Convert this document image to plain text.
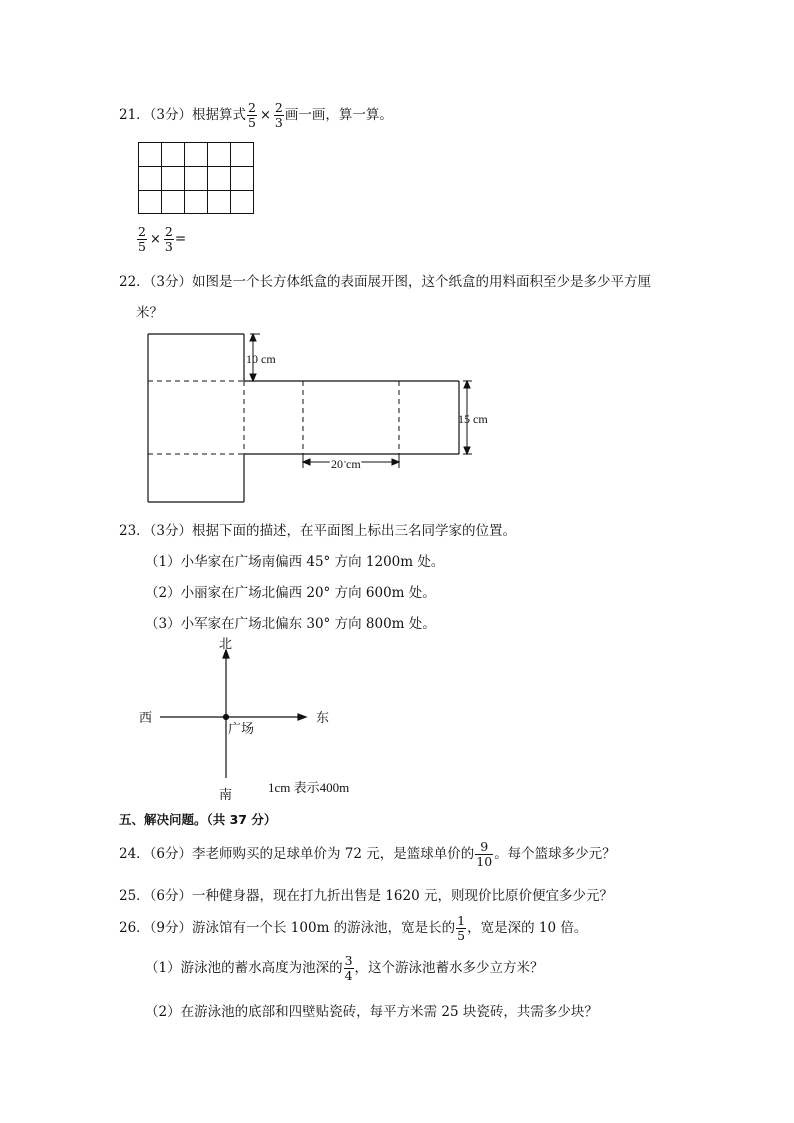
21．（3分）根据算式 $\frac{2}{5} \times \frac{2}{3}$ 画一画，算一算。
$\frac{2}{5} \times \frac{2}{3}$ =
22．（3分）如图是一个长方体纸盒的表面展开图，这个纸盒的用料面积至少是多少平方厘
米？
10 cm
15 cm
20 cm
23．（3分）根据下面的描述，在平面图上标出三名同学家的位置。
（1）小华家在广场南偏西 45° 方向 1200m 处。
（2）小丽家在广场北偏西 20° 方向 600m 处。
（3）小军家在广场北偏东 30° 方向 800m 处。
北
西	东
广场
南
1cm 表示400m
五、解决问题。（共 37 分）
24．（6分）李老师购买的足球单价为 72 元，是篮球单价的 $\frac{9}{10}$ 。每个篮球多少元？
25．（6分）一种健身器，现在打九折出售是 1620 元，则现价比原价便宜多少元？
26．（9分）游泳馆有一个长 100m 的游泳池，宽是长的 $\frac{1}{5}$ ，宽是深的 10 倍。
（1）游泳池的蓄水高度为池深的 $\frac{3}{4}$ ，这个游泳池蓄水多少立方米？
（2）在游泳池的底部和四壁贴瓷砖，每平方米需 25 块瓷砖，共需多少块？
